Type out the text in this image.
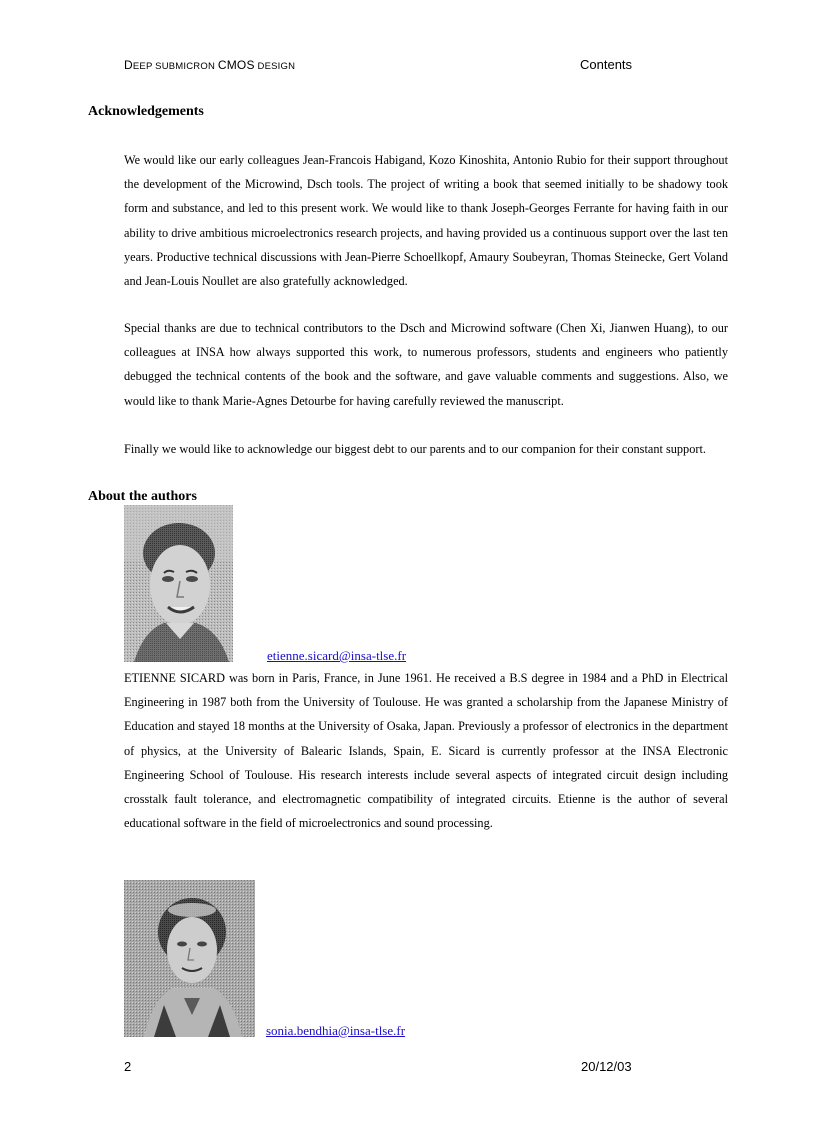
DEEP SUBMICRON CMOS DESIGN	Contents
Acknowledgements
We would like our early colleagues Jean-Francois Habigand, Kozo Kinoshita, Antonio Rubio for their support throughout the development of the Microwind, Dsch tools. The project of writing a book that seemed initially to be shadowy took form and substance, and led to this present work. We would like to thank Joseph-Georges Ferrante for having faith in our ability to drive ambitious microelectronics research projects, and having provided us a continuous support over the last ten years. Productive technical discussions with Jean-Pierre Schoellkopf, Amaury Soubeyran, Thomas Steinecke, Gert Voland and Jean-Louis Noullet are also gratefully acknowledged.
Special thanks are due to technical contributors to the Dsch and Microwind software (Chen Xi, Jianwen Huang), to our colleagues at INSA how always supported this work, to numerous professors, students and engineers who patiently debugged the technical contents of the book and the software, and gave valuable comments and suggestions. Also, we would like to thank Marie-Agnes Detourbe for having carefully reviewed the manuscript.
Finally we would like to acknowledge our biggest debt to our parents and to our companion for their constant support.
About the authors
etienne.sicard@insa-tlse.fr
ETIENNE SICARD was born in Paris, France, in June 1961. He received a B.S degree in 1984 and a PhD in Electrical Engineering in 1987 both from the University of Toulouse. He was granted a scholarship from the Japanese Ministry of Education and stayed 18 months at the University of Osaka, Japan. Previously a professor of electronics in the department of physics, at the University of Balearic Islands, Spain, E. Sicard is currently professor at the INSA Electronic Engineering School of Toulouse. His research interests include several aspects of integrated circuit design including crosstalk fault tolerance, and electromagnetic compatibility of integrated circuits. Etienne is the author of several educational software in the field of microelectronics and sound processing.
sonia.bendhia@insa-tlse.fr
2	20/12/03
